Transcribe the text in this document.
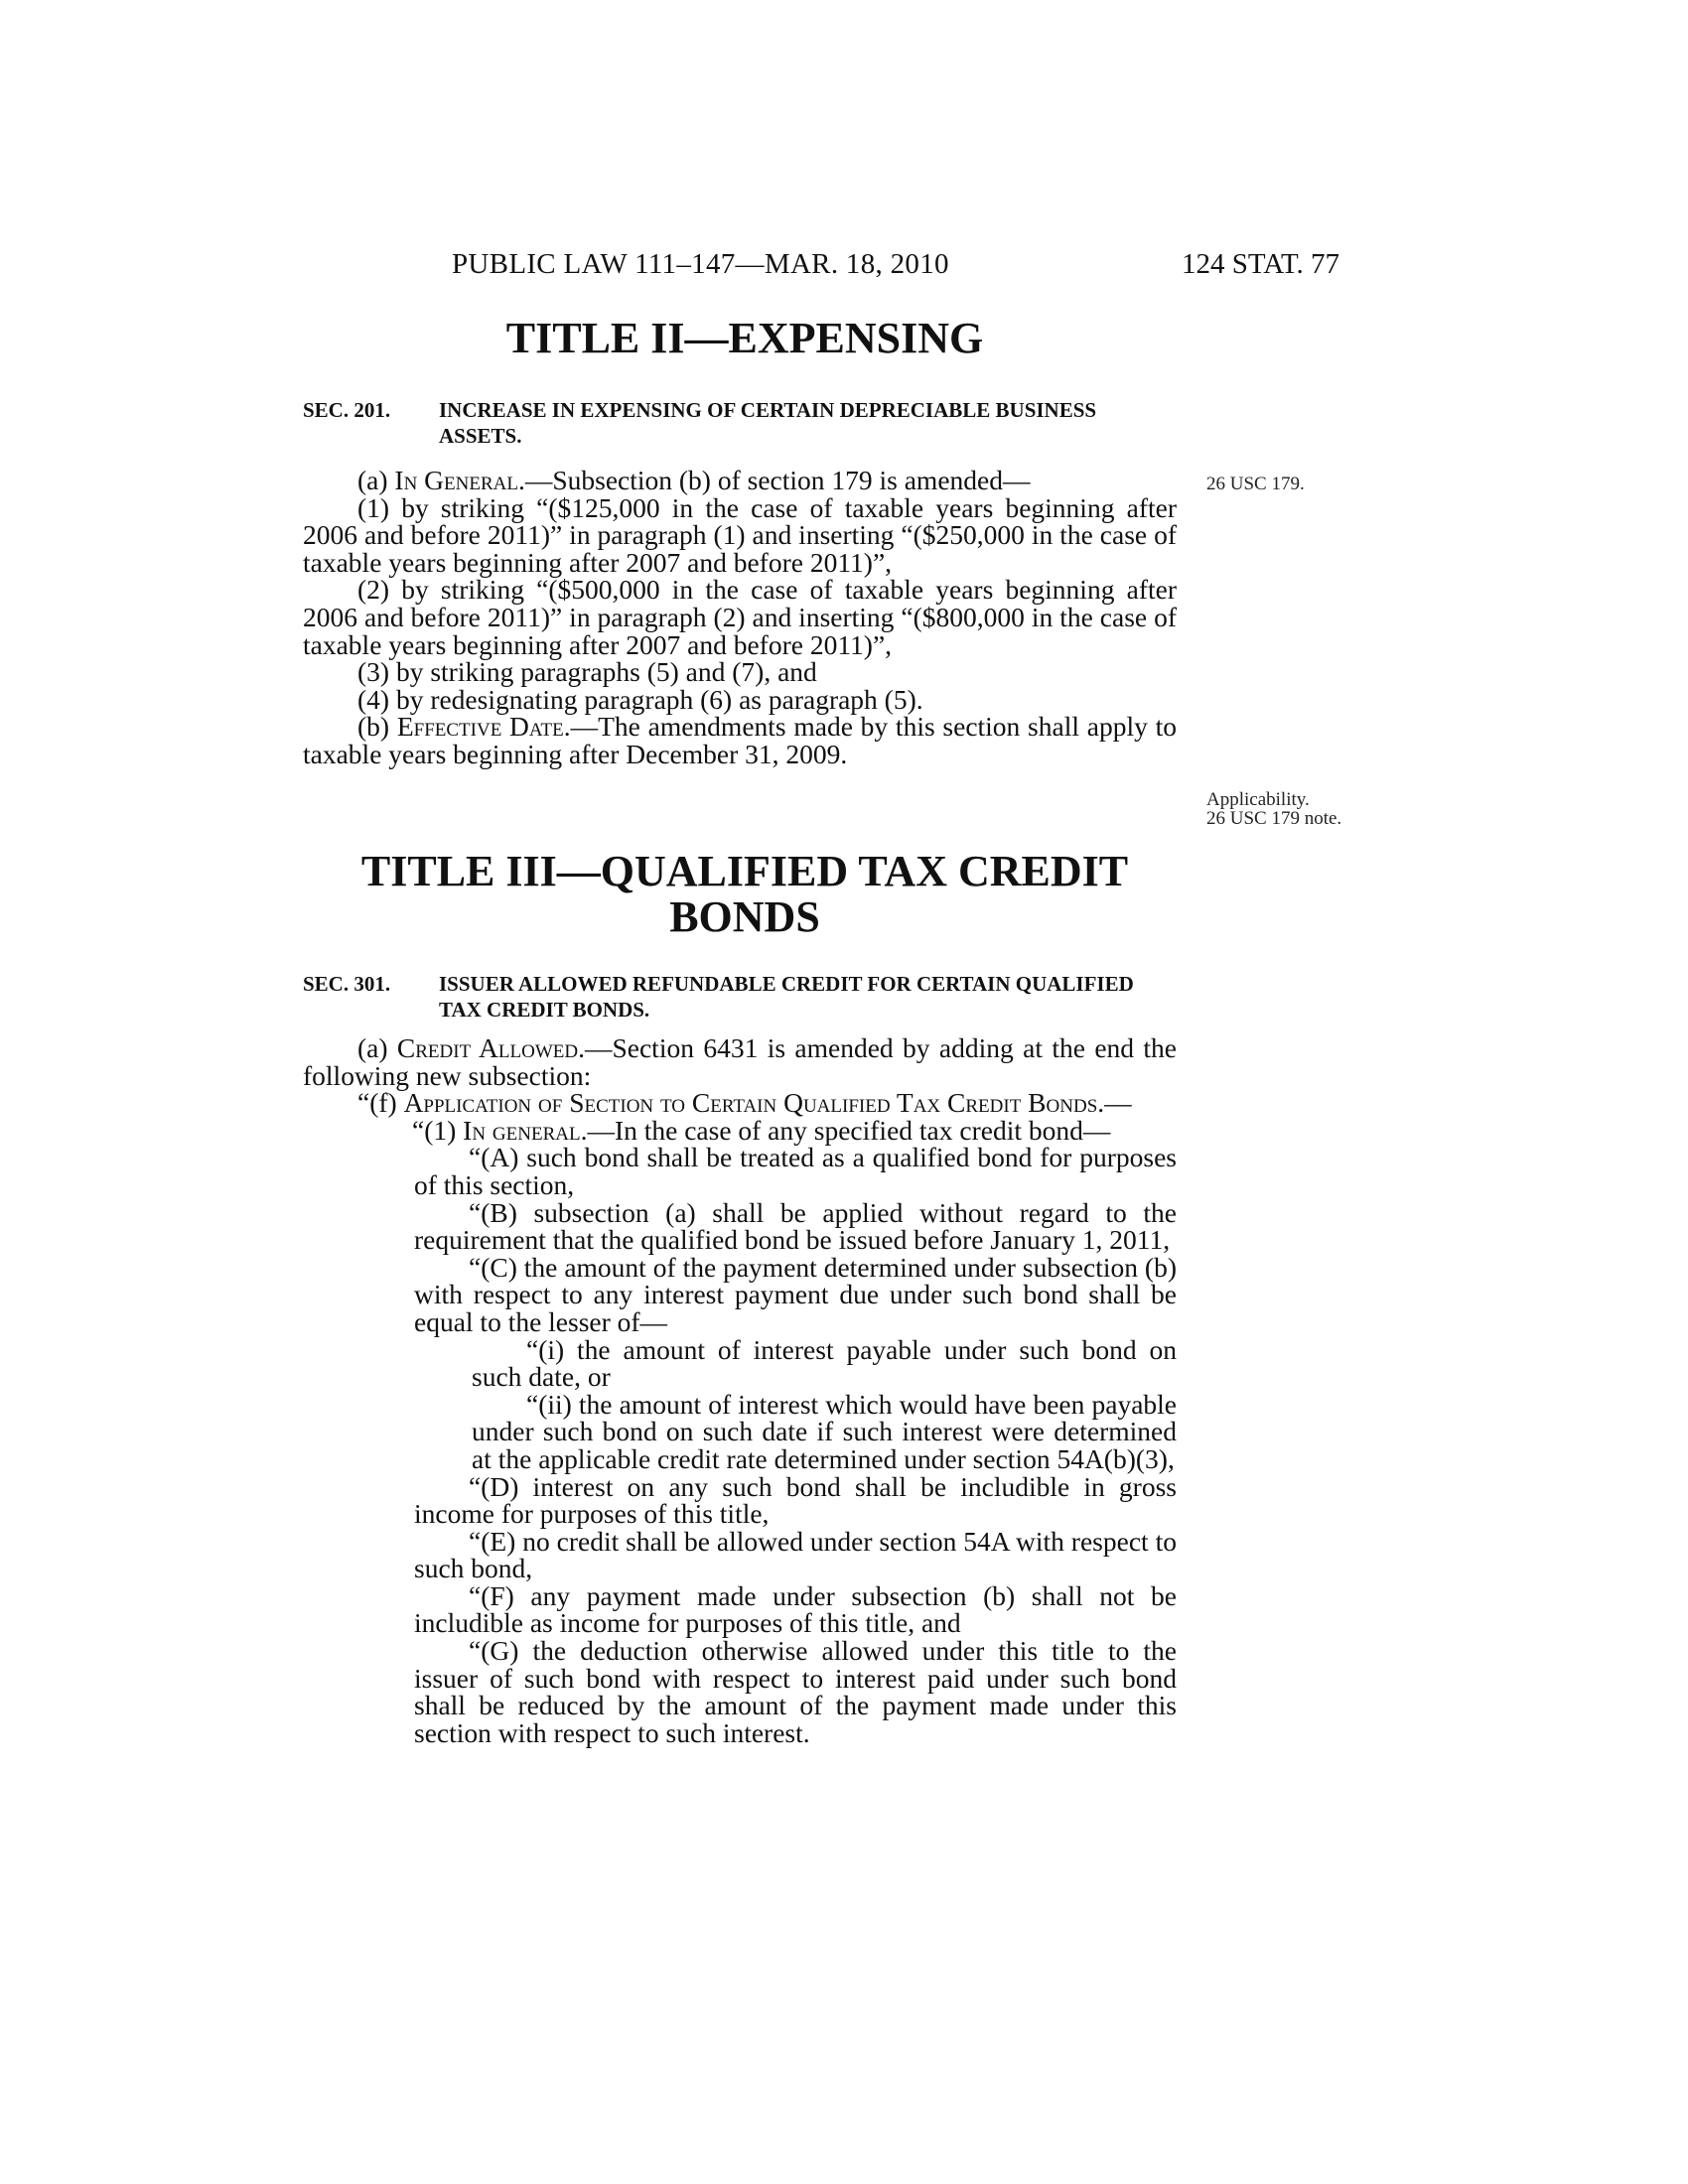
PUBLIC LAW 111–147—MAR. 18, 2010	124 STAT. 77
TITLE II—EXPENSING
SEC. 201. INCREASE IN EXPENSING OF CERTAIN DEPRECIABLE BUSINESS ASSETS.

(a) In General.—Subsection (b) of section 179 is amended—

(1) by striking “($125,000 in the case of taxable years beginning after 2006 and before 2011)” in paragraph (1) and inserting “($250,000 in the case of taxable years beginning after 2007 and before 2011)”,

(2) by striking “($500,000 in the case of taxable years beginning after 2006 and before 2011)” in paragraph (2) and inserting “($800,000 in the case of taxable years beginning after 2007 and before 2011)”,

(3) by striking paragraphs (5) and (7), and

(4) by redesignating paragraph (6) as paragraph (5).

(b) Effective Date.—The amendments made by this section shall apply to taxable years beginning after December 31, 2009.

26 USC 179.
Applicability.
26 USC 179 note.
TITLE III—QUALIFIED TAX CREDIT BONDS
SEC. 301. ISSUER ALLOWED REFUNDABLE CREDIT FOR CERTAIN QUALIFIED TAX CREDIT BONDS.

(a) Credit Allowed.—Section 6431 is amended by adding at the end the following new subsection:

“(f) Application of Section to Certain Qualified Tax Credit Bonds.—

“(1) In general.—In the case of any specified tax credit bond—

“(A) such bond shall be treated as a qualified bond for purposes of this section,

“(B) subsection (a) shall be applied without regard to the requirement that the qualified bond be issued before January 1, 2011,

“(C) the amount of the payment determined under subsection (b) with respect to any interest payment due under such bond shall be equal to the lesser of—

“(i) the amount of interest payable under such bond on such date, or

“(ii) the amount of interest which would have been payable under such bond on such date if such interest were determined at the applicable credit rate determined under section 54A(b)(3),

“(D) interest on any such bond shall be includible in gross income for purposes of this title,

“(E) no credit shall be allowed under section 54A with respect to such bond,

“(F) any payment made under subsection (b) shall not be includible as income for purposes of this title, and

“(G) the deduction otherwise allowed under this title to the issuer of such bond with respect to interest paid under such bond shall be reduced by the amount of the payment made under this section with respect to such interest.
